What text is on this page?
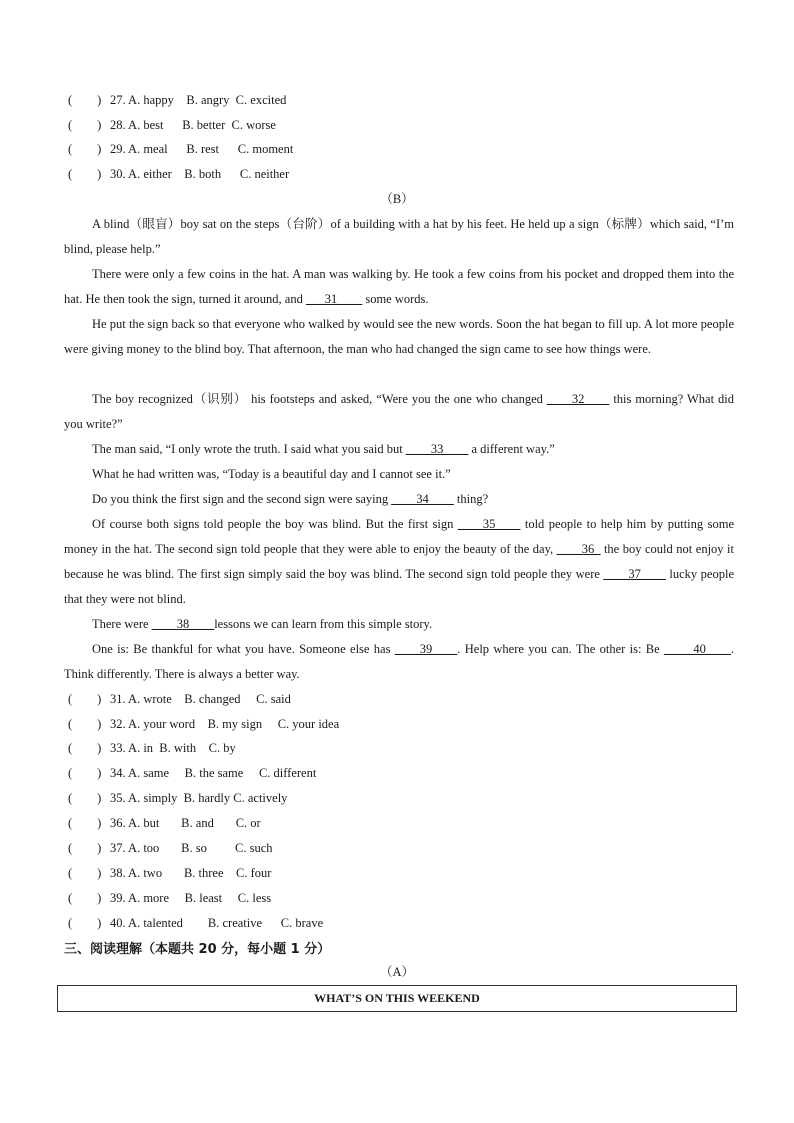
(        ) 27. A. happy    B. angry  C. excited
(        ) 28. A. best      B. better  C. worse
(        ) 29. A. meal      B. rest      C. moment
(        ) 30. A. either    B. both      C. neither
（B）
A blind（眼盲）boy sat on the steps（台阶）of a building with a hat by his feet. He held up a sign（标牌）which said, “I’m blind, please help.”
There were only a few coins in the hat. A man was walking by. He took a few coins from his pocket and dropped them into the hat. He then took the sign, turned it around, and ___31____ some words.
He put the sign back so that everyone who walked by would see the new words. Soon the hat began to fill up. A lot more people were giving money to the blind boy. That afternoon, the man who had changed the sign came to see how things were.
The boy recognized（识别） his footsteps and asked, “Were you the one who changed ____32____ this morning? What did you write?”
The man said, “I only wrote the truth. I said what you said but ____33____ a different way.”
What he had written was, “Today is a beautiful day and I cannot see it.”
Do you think the first sign and the second sign were saying ____34____ thing?
Of course both signs told people the boy was blind. But the first sign ____35____ told people to help him by putting some money in the hat. The second sign told people that they were able to enjoy the beauty of the day, ____36_ the boy could not enjoy it because he was blind. The first sign simply said the boy was blind. The second sign told people they were ____37____ lucky people that they were not blind.
There were ____38____lessons we can learn from this simple story.
One is: Be thankful for what you have. Someone else has ____39____. Help where you can. The other is: Be ____ 40____. Think differently. There is always a better way.
(        ) 31. A. wrote    B. changed     C. said
(        ) 32. A. your word    B. my sign     C. your idea
(        ) 33. A. in  B. with    C. by
(        ) 34. A. same     B. the same     C. different
(        ) 35. A. simply  B. hardly C. actively
(        ) 36. A. but       B. and       C. or
(        ) 37. A. too       B. so         C. such
(        ) 38. A. two       B. three    C. four
(        ) 39. A. more     B. least     C. less
(        ) 40. A. talented        B. creative      C. brave
三、阅读理解（本题共 20 分，每小题 1 分）
（A）
WHAT’S ON THIS WEEKEND
